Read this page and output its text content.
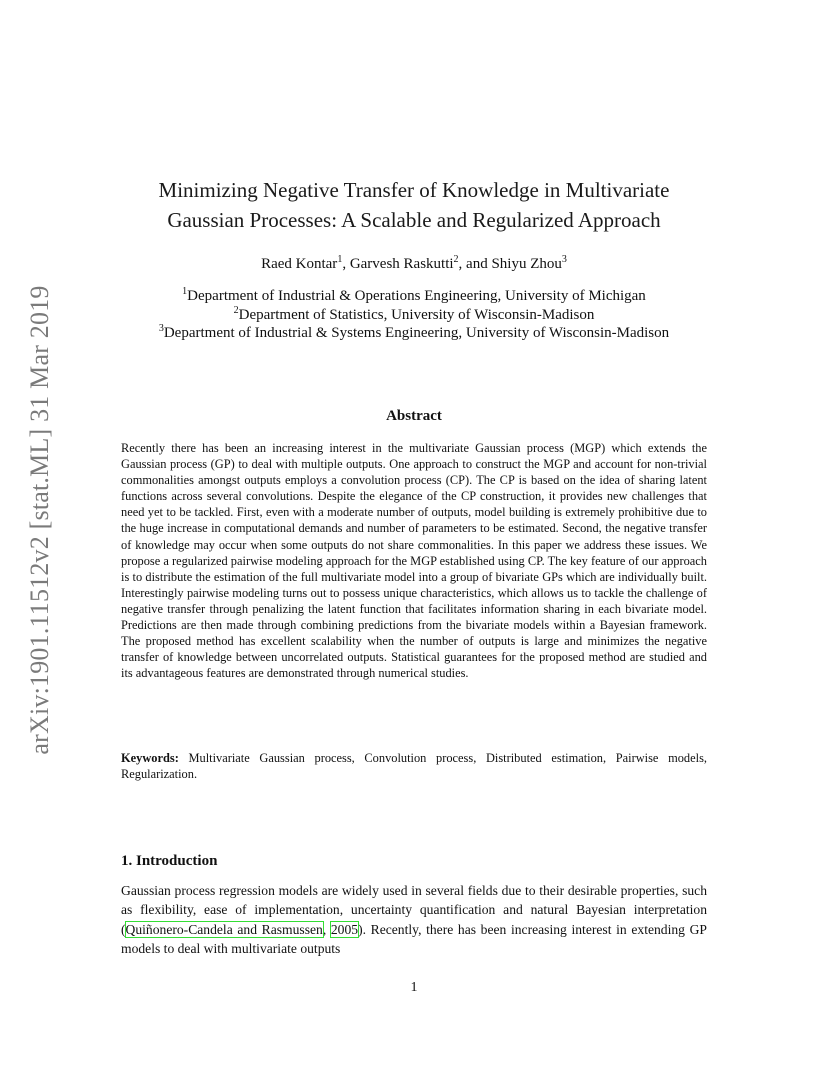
arXiv:1901.11512v2 [stat.ML] 31 Mar 2019
Minimizing Negative Transfer of Knowledge in Multivariate
Gaussian Processes: A Scalable and Regularized Approach
Raed Kontar$^1$, Garvesh Raskutti$^2$, and Shiyu Zhou$^3$
$^1$Department of Industrial & Operations Engineering, University of Michigan
$^2$Department of Statistics, University of Wisconsin-Madison
$^3$Department of Industrial & Systems Engineering, University of Wisconsin-Madison
Abstract
Recently there has been an increasing interest in the multivariate Gaussian process (MGP) which extends the Gaussian process (GP) to deal with multiple outputs. One approach to construct the MGP and account for non-trivial commonalities amongst outputs employs a convolution process (CP). The CP is based on the idea of sharing latent functions across several convolutions. Despite the elegance of the CP construction, it provides new challenges that need yet to be tackled. First, even with a moderate number of outputs, model building is extremely prohibitive due to the huge increase in computational demands and number of parameters to be estimated. Second, the negative transfer of knowledge may occur when some outputs do not share commonalities. In this paper we address these issues. We propose a regularized pairwise modeling approach for the MGP established using CP. The key feature of our approach is to distribute the estimation of the full multivariate model into a group of bivariate GPs which are individually built. Interestingly pairwise modeling turns out to possess unique characteristics, which allows us to tackle the challenge of negative transfer through penalizing the latent function that facilitates information sharing in each bivariate model. Predictions are then made through combining predictions from the bivariate models within a Bayesian framework. The proposed method has excellent scalability when the number of outputs is large and minimizes the negative transfer of knowledge between uncorrelated outputs. Statistical guarantees for the proposed method are studied and its advantageous features are demonstrated through numerical studies.
Keywords: Multivariate Gaussian process, Convolution process, Distributed estimation, Pairwise models, Regularization.
1. Introduction
Gaussian process regression models are widely used in several fields due to their desirable properties, such as flexibility, ease of implementation, uncertainty quantification and natural Bayesian interpretation (Quiñonero-Candela and Rasmussen, 2005). Recently, there has been increasing interest in extending GP models to deal with multivariate outputs
1
